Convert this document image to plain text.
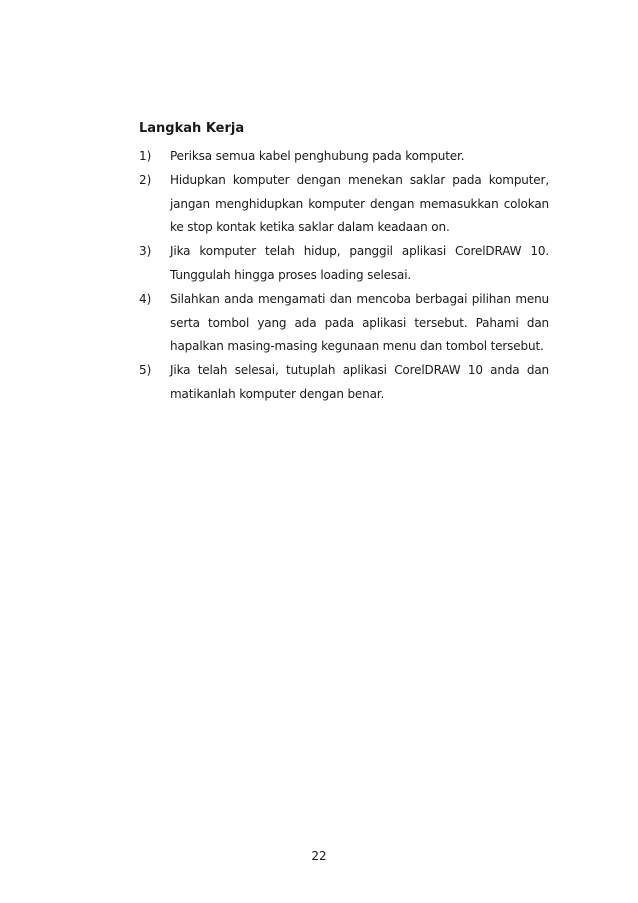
Langkah Kerja
1)	Periksa semua kabel penghubung pada komputer.
2)	Hidupkan komputer dengan menekan saklar pada komputer, jangan menghidupkan komputer dengan memasukkan colokan ke stop kontak ketika saklar dalam keadaan on.
3)	Jika komputer telah hidup, panggil aplikasi CorelDRAW 10. Tunggulah hingga proses loading selesai.
4)	Silahkan anda mengamati dan mencoba berbagai pilihan menu serta tombol yang ada pada aplikasi tersebut. Pahami dan hapalkan masing-masing kegunaan menu dan tombol tersebut.
5)	Jika telah selesai, tutuplah aplikasi CorelDRAW 10 anda dan matikanlah komputer dengan benar.
22
